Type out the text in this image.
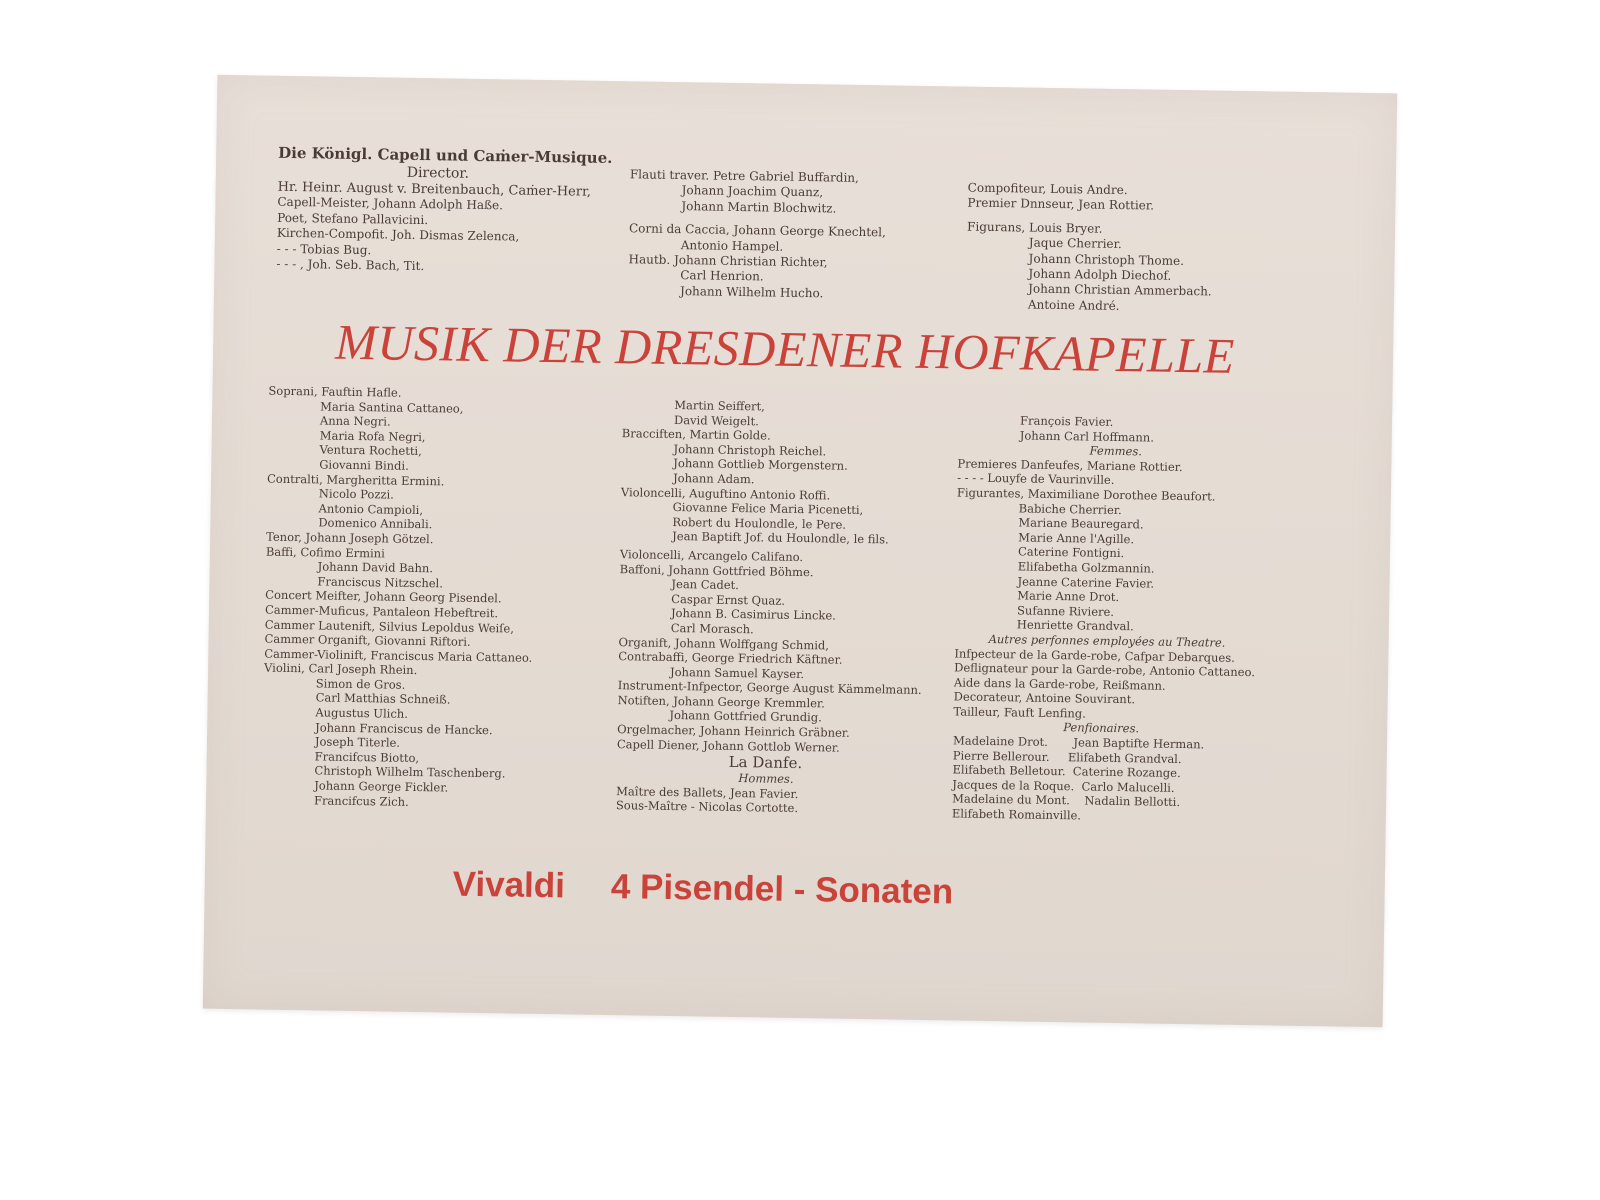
Die Königl. Capell und Caṁer-Musique.
Director.
Hr. Heinr. August v. Breitenbauch, Caṁer-Herr,
Capell-Meister, Johann Adolph Haße.
Poet, Stefano Pallavicini.
Kirchen-Compofit. Joh. Dismas Zelenca,
- - - Tobias Bug.
- - - , Joh. Seb. Bach, Tit.
Flauti traver. Petre Gabriel Buffardin,
Johann Joachim Quanz,
Johann Martin Blochwitz.
Corni da Caccia, Johann George Knechtel,
Antonio Hampel.
Hautb. Johann Christian Richter,
Carl Henrion.
Johann Wilhelm Hucho.
Compofiteur, Louis Andre.
Premier Dnnseur, Jean Rottier.
Figurans, Louis Bryer.
Jaque Cherrier.
Johann Christoph Thome.
Johann Adolph Diechof.
Johann Christian Ammerbach.
Antoine André.
MUSIK DER DRESDENER HOFKAPELLE
Soprani, Fauftin Hafle.
Maria Santina Cattaneo,
Anna Negri.
Maria Rofa Negri,
Ventura Rochetti,
Giovanni Bindi.
Contralti, Margheritta Ermini.
Nicolo Pozzi.
Antonio Campioli,
Domenico Annibali.
Tenor, Johann Joseph Götzel.
Baffi, Cofimo Ermini
Johann David Bahn.
Franciscus Nitzschel.
Concert Meifter, Johann Georg Pisendel.
Cammer-Muficus, Pantaleon Hebeftreit.
Cammer Lautenift, Silvius Lepoldus Weiſe,
Cammer Organift, Giovanni Riftori.
Cammer-Violinift, Franciscus Maria Cattaneo.
Violini, Carl Joseph Rhein.
Simon de Gros.
Carl Matthias Schneiß.
Augustus Ulich.
Johann Franciscus de Hancke.
Joseph Titerle.
Francifcus Biotto,
Christoph Wilhelm Taschenberg.
Johann George Fickler.
Francifcus Zich.
Martin Seiffert,
David Weigelt.
Bracciften, Martin Golde.
Johann Christoph Reichel.
Johann Gottlieb Morgenstern.
Johann Adam.
Violoncelli, Auguftino Antonio Roffi.
Giovanne Felice Maria Picenetti,
Robert du Houlondle, le Pere.
Jean Baptift Jof. du Houlondle, le fils.
Violoncelli, Arcangelo Califano.
Baffoni, Johann Gottfried Böhme.
Jean Cadet.
Caspar Ernst Quaz.
Johann B. Casimirus Lincke.
Carl Morasch.
Organift, Johann Wolffgang Schmid,
Contrabaffi, George Friedrich Käftner.
Johann Samuel Kayser.
Instrument-Infpector, George August Kämmelmann.
Notiften, Johann George Kremmler.
Johann Gottfried Grundig.
Orgelmacher, Johann Heinrich Gräbner.
Capell Diener, Johann Gottlob Werner.
La Danfe.
Hommes.
Maître des Ballets, Jean Favier.
Sous-Maître - Nicolas Cortotte.
François Favier.
Johann Carl Hoffmann.
Femmes.
Premieres Danfeufes, Mariane Rottier.
- - - - Louyfe de Vaurinville.
Figurantes, Maximiliane Dorothee Beaufort.
Babiche Cherrier.
Mariane Beauregard.
Marie Anne l'Agille.
Caterine Fontigni.
Elifabetha Golzmannin.
Jeanne Caterine Favier.
Marie Anne Drot.
Sufanne Riviere.
Henriette Grandval.
Autres perfonnes employées au Theatre.
Infpecteur de la Garde-robe, Cafpar Debarques.
Deflignateur pour la Garde-robe, Antonio Cattaneo.
Aide dans la Garde-robe, Reißmann.
Decorateur, Antoine Souvirant.
Tailleur, Fauft Lenfing.
Penfionaires.
Madelaine Drot.       Jean Baptifte Herman.
Pierre Bellerour.     Elifabeth Grandval.
Elifabeth Belletour.  Caterine Rozange.
Jacques de la Roque.  Carlo Malucelli.
Madelaine du Mont.    Nadalin Bellotti.
Elifabeth Romainville.
Vivaldi 4 Pisendel - Sonaten
